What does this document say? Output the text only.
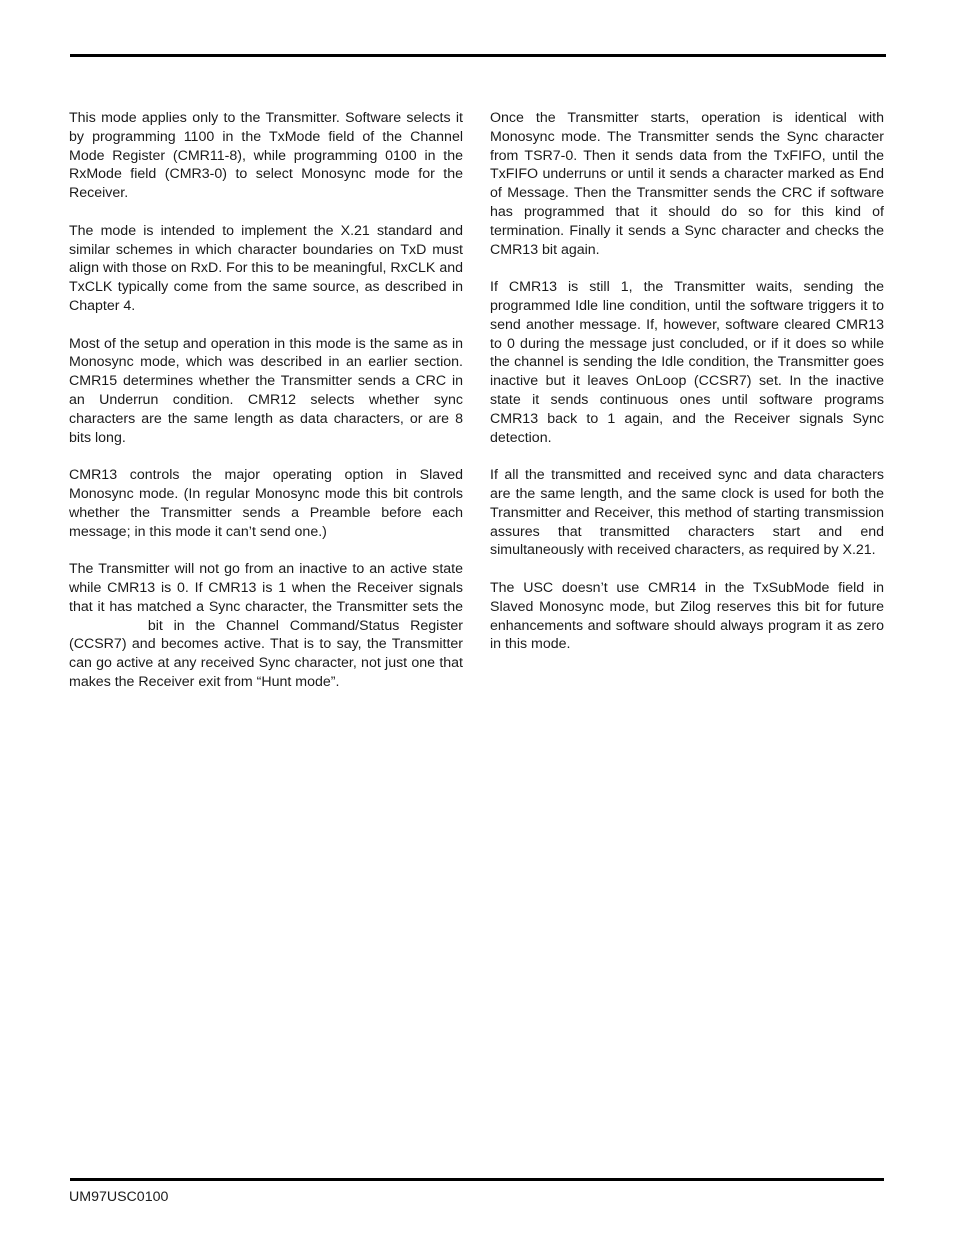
This mode applies only to the Transmitter. Software selects it by programming 1100 in the TxMode field of the Channel Mode Register (CMR11-8), while programming 0100 in the RxMode field (CMR3-0) to select Monosync mode for the Receiver.

The mode is intended to implement the X.21 standard and similar schemes in which character boundaries on TxD must align with those on RxD. For this to be meaningful, RxCLK and TxCLK typically come from the same source, as described in Chapter 4.

Most of the setup and operation in this mode is the same as in Monosync mode, which was described in an earlier section. CMR15 determines whether the Transmitter sends a CRC in an Underrun condition. CMR12 selects whether sync characters are the same length as data characters, or are 8 bits long.

CMR13 controls the major operating option in Slaved Monosync mode. (In regular Monosync mode this bit controls whether the Transmitter sends a Preamble before each message; in this mode it can’t send one.)

The Transmitter will not go from an inactive to an active state while CMR13 is 0. If CMR13 is 1 when the Receiver signals that it has matched a Sync character, the Transmitter sets the  bit in the Channel Command/Status Register (CCSR7) and becomes active. That is to say, the Transmitter can go active at any received Sync character, not just one that makes the Receiver exit from “Hunt mode”.

Once the Transmitter starts, operation is identical with Monosync mode. The Transmitter sends the Sync character from TSR7-0. Then it sends data from the TxFIFO, until the TxFIFO underruns or until it sends a character marked as End of Message. Then the Transmitter sends the CRC if software has programmed that it should do so for this kind of termination. Finally it sends a Sync character and checks the CMR13 bit again.

If CMR13 is still 1, the Transmitter waits, sending the programmed Idle line condition, until the software triggers it to send another message. If, however, software cleared CMR13 to 0 during the message just concluded, or if it does so while the channel is sending the Idle condition, the Transmitter goes inactive but it leaves OnLoop (CCSR7) set. In the inactive state it sends continuous ones until software programs CMR13 back to 1 again, and the Receiver signals Sync detection.

If all the transmitted and received sync and data characters are the same length, and the same clock is used for both the Transmitter and Receiver, this method of starting transmission assures that transmitted characters start and end simultaneously with received characters, as required by X.21.

The USC doesn’t use CMR14 in the TxSubMode field in Slaved Monosync mode, but Zilog reserves this bit for future enhancements and software should always program it as zero in this mode.

UM97USC0100
